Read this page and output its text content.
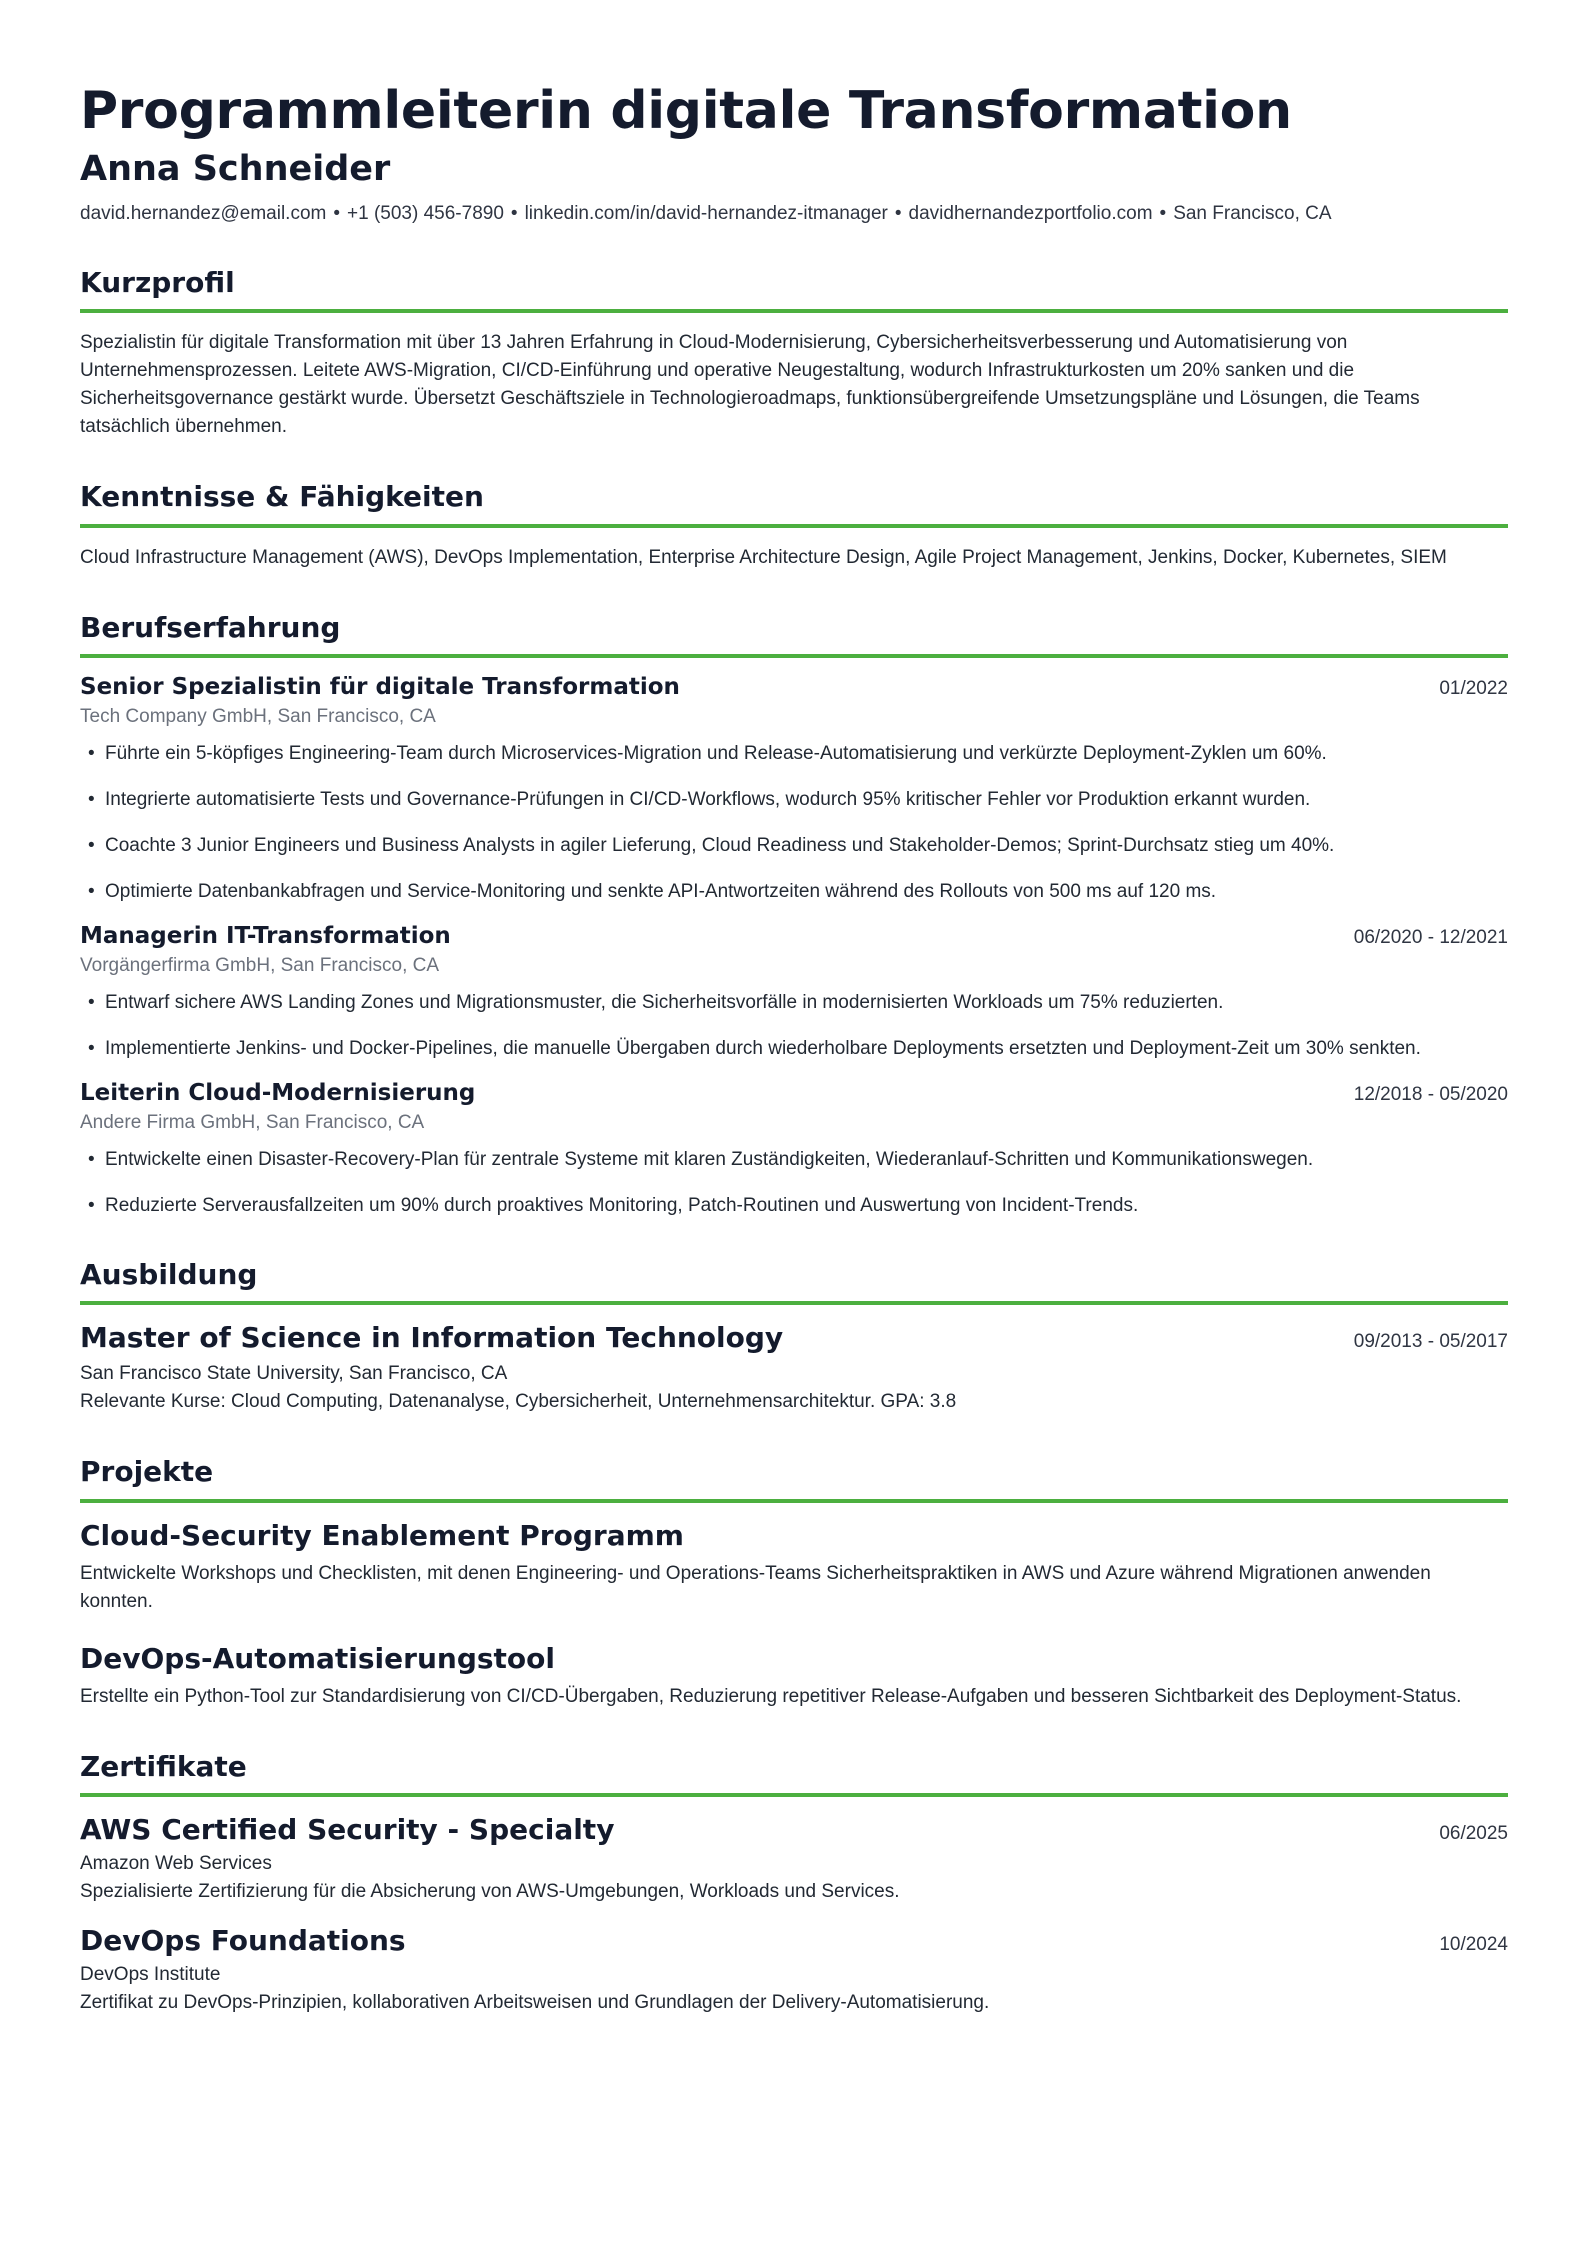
Programmleiterin digitale Transformation
Anna Schneider
david.hernandez@email.com • +1 (503) 456-7890 • linkedin.com/in/david-hernandez-itmanager • davidhernandezportfolio.com • San Francisco, CA
Kurzprofil

Spezialistin für digitale Transformation mit über 13 Jahren Erfahrung in Cloud-Modernisierung, Cybersicherheitsverbesserung und Automatisierung von Unternehmensprozessen. Leitete AWS-Migration, CI/CD-Einführung und operative Neugestaltung, wodurch Infrastrukturkosten um 20% sanken und die Sicherheitsgovernance gestärkt wurde. Übersetzt Geschäftsziele in Technologieroadmaps, funktionsübergreifende Umsetzungspläne und Lösungen, die Teams tatsächlich übernehmen.

Kenntnisse & Fähigkeiten

Cloud Infrastructure Management (AWS), DevOps Implementation, Enterprise Architecture Design, Agile Project Management, Jenkins, Docker, Kubernetes, SIEM

Berufserfahrung
Senior Spezialistin für digitale Transformation	01/2022
Tech Company GmbH, San Francisco, CA
• Führte ein 5-köpfiges Engineering-Team durch Microservices-Migration und Release-Automatisierung und verkürzte Deployment-Zyklen um 60%.
• Integrierte automatisierte Tests und Governance-Prüfungen in CI/CD-Workflows, wodurch 95% kritischer Fehler vor Produktion erkannt wurden.
• Coachte 3 Junior Engineers und Business Analysts in agiler Lieferung, Cloud Readiness und Stakeholder-Demos; Sprint-Durchsatz stieg um 40%.
• Optimierte Datenbankabfragen und Service-Monitoring und senkte API-Antwortzeiten während des Rollouts von 500 ms auf 120 ms.
Managerin IT-Transformation	06/2020 - 12/2021
Vorgängerfirma GmbH, San Francisco, CA
• Entwarf sichere AWS Landing Zones und Migrationsmuster, die Sicherheitsvorfälle in modernisierten Workloads um 75% reduzierten.
• Implementierte Jenkins- und Docker-Pipelines, die manuelle Übergaben durch wiederholbare Deployments ersetzten und Deployment-Zeit um 30% senkten.
Leiterin Cloud-Modernisierung	12/2018 - 05/2020
Andere Firma GmbH, San Francisco, CA
• Entwickelte einen Disaster-Recovery-Plan für zentrale Systeme mit klaren Zuständigkeiten, Wiederanlauf-Schritten und Kommunikationswegen.
• Reduzierte Serverausfallzeiten um 90% durch proaktives Monitoring, Patch-Routinen und Auswertung von Incident-Trends.
Ausbildung
Master of Science in Information Technology	09/2013 - 05/2017
San Francisco State University, San Francisco, CA
Relevante Kurse: Cloud Computing, Datenanalyse, Cybersicherheit, Unternehmensarchitektur. GPA: 3.8
Projekte
Cloud-Security Enablement Programm

Entwickelte Workshops und Checklisten, mit denen Engineering- und Operations-Teams Sicherheitspraktiken in AWS und Azure während Migrationen anwenden konnten.

DevOps-Automatisierungstool

Erstellte ein Python-Tool zur Standardisierung von CI/CD-Übergaben, Reduzierung repetitiver Release-Aufgaben und besseren Sichtbarkeit des Deployment-Status.

Zertifikate
AWS Certified Security - Specialty	06/2025
Amazon Web Services
Spezialisierte Zertifizierung für die Absicherung von AWS-Umgebungen, Workloads und Services.
DevOps Foundations	10/2024
DevOps Institute
Zertifikat zu DevOps-Prinzipien, kollaborativen Arbeitsweisen und Grundlagen der Delivery-Automatisierung.
